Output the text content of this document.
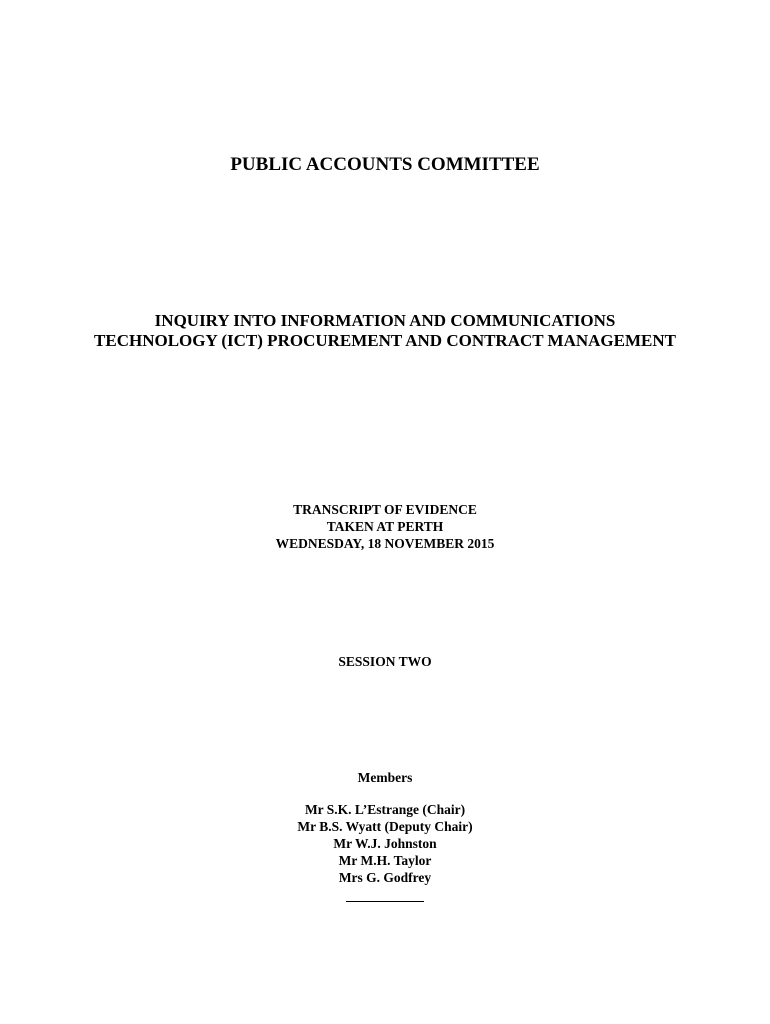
PUBLIC ACCOUNTS COMMITTEE
INQUIRY INTO INFORMATION AND COMMUNICATIONS
TECHNOLOGY (ICT) PROCUREMENT AND CONTRACT MANAGEMENT
TRANSCRIPT OF EVIDENCE
TAKEN AT PERTH
WEDNESDAY, 18 NOVEMBER 2015
SESSION TWO
Members
Mr S.K. L’Estrange (Chair)
Mr B.S. Wyatt (Deputy Chair)
Mr W.J. Johnston
Mr M.H. Taylor
Mrs G. Godfrey
